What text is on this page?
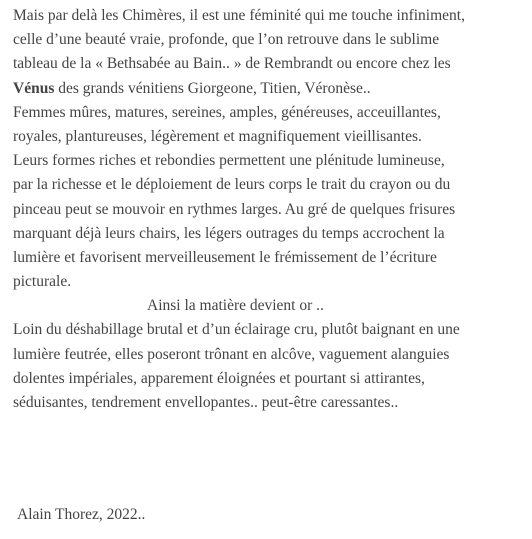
Mais par delà les Chimères, il est une féminité qui me touche infiniment,
celle d’une beauté vraie, profonde, que l’on retrouve dans le sublime
tableau de la « Bethsabée au Bain.. » de Rembrandt ou encore chez les
Vénus des grands vénitiens Giorgeone, Titien, Véronèse..
Femmes mûres, matures, sereines, amples, généreuses, acceuillantes,
royales, plantureuses, légèrement et magnifiquement vieillisantes.
Leurs formes riches et rebondies permettent une plénitude lumineuse,
par la richesse et le déploiement de leurs corps le trait du crayon ou du
pinceau peut se mouvoir en rythmes larges. Au gré de quelques frisures
marquant déjà leurs chairs, les légers outrages du temps accrochent la
lumière et favorisent merveilleusement le frémissement de l’écriture
picturale.
Ainsi la matière devient or ..
Loin du déshabillage brutal et d’un éclairage cru, plutôt baignant en une
lumière feutrée, elles poseront trônant en alcôve, vaguement alanguies
dolentes impériales, apparement éloignées et pourtant si attirantes,
séduisantes, tendrement envellopantes.. peut-être caressantes..
Alain Thorez, 2022..
